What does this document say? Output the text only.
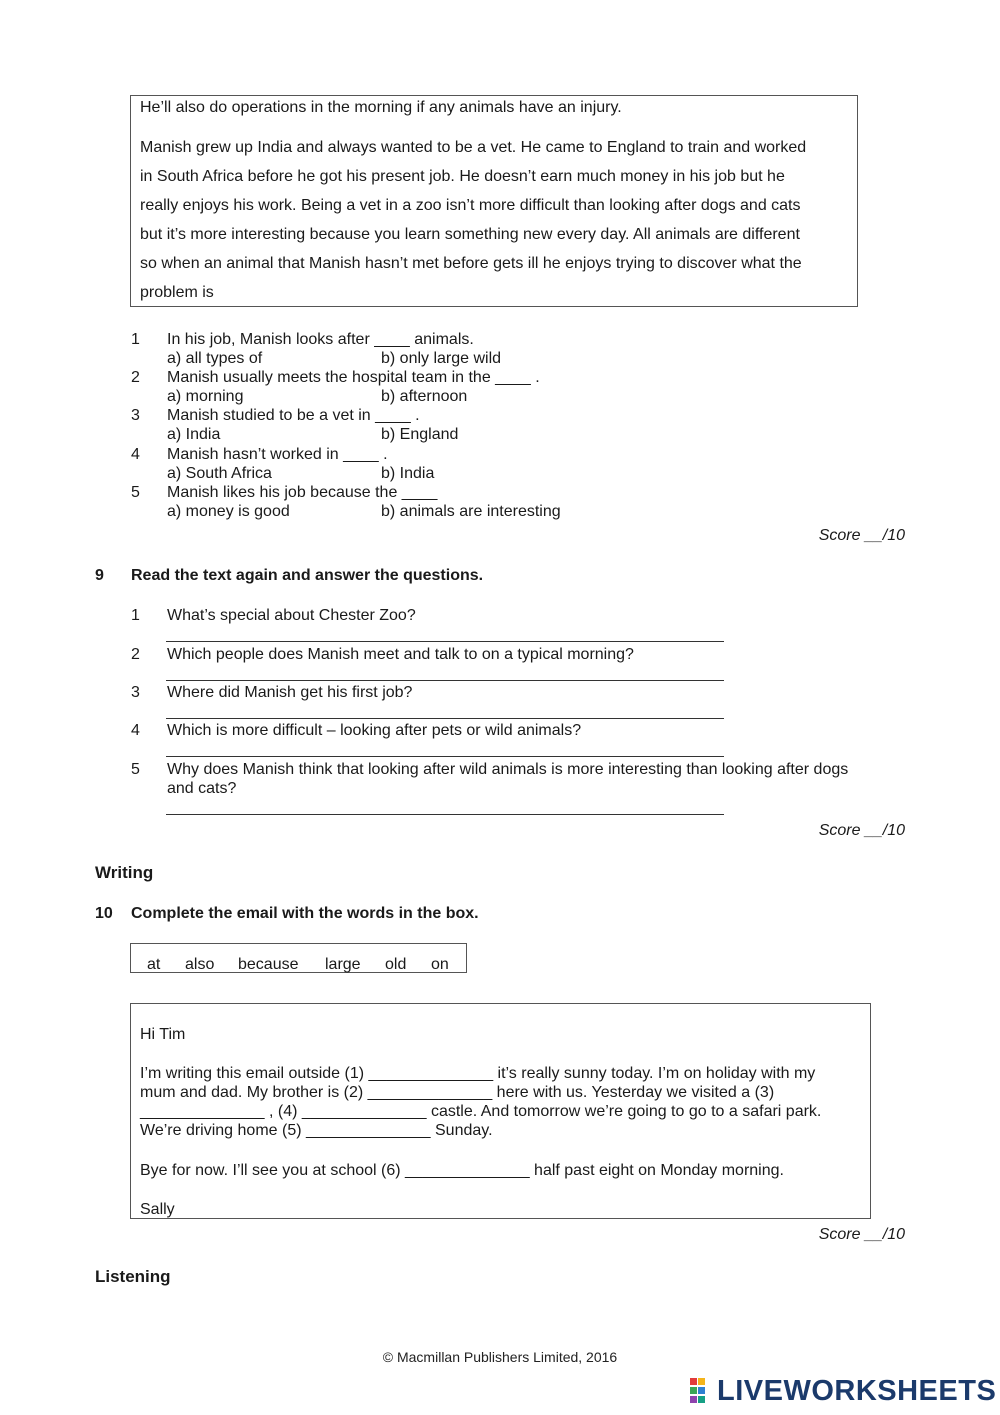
He’ll also do operations in the morning if any animals have an injury.
Manish grew up India and always wanted to be a vet. He came to England to train and worked
in South Africa before he got his present job. He doesn’t earn much money in his job but he
really enjoys his work. Being a vet in a zoo isn’t more difficult than looking after dogs and cats
but it’s more interesting because you learn something new every day. All animals are different
so when an animal that Manish hasn’t met before gets ill he enjoys trying to discover what the
problem is
1 In his job, Manish looks after ____ animals.
a) all types of	b) only large wild
2 Manish usually meets the hospital team in the ____ .
a) morning	b) afternoon
3 Manish studied to be a vet in ____ .
a) India	b) England
4 Manish hasn’t worked in ____ .
a) South Africa	b) India
5 Manish likes his job because the ____
a) money is good	b) animals are interesting
Score __/10
9 Read the text again and answer the questions.
1 What’s special about Chester Zoo?
2 Which people does Manish meet and talk to on a typical morning?
3 Where did Manish get his first job?
4 Which is more difficult – looking after pets or wild animals?
5 Why does Manish think that looking after wild animals is more interesting than looking after dogs
and cats?
Score __/10
Writing
10 Complete the email with the words in the box.
at also because large old on
Hi Tim
I’m writing this email outside (1) ______________ it’s really sunny today. I’m on holiday with my
mum and dad. My brother is (2) ______________ here with us. Yesterday we visited a (3)
______________ , (4) ______________ castle. And tomorrow we’re going to go to a safari park.
We’re driving home (5) ______________ Sunday.
Bye for now. I’ll see you at school (6) ______________ half past eight on Monday morning.
Sally
Score __/10
Listening
© Macmillan Publishers Limited, 2016
LIVEWORKSHEETS
